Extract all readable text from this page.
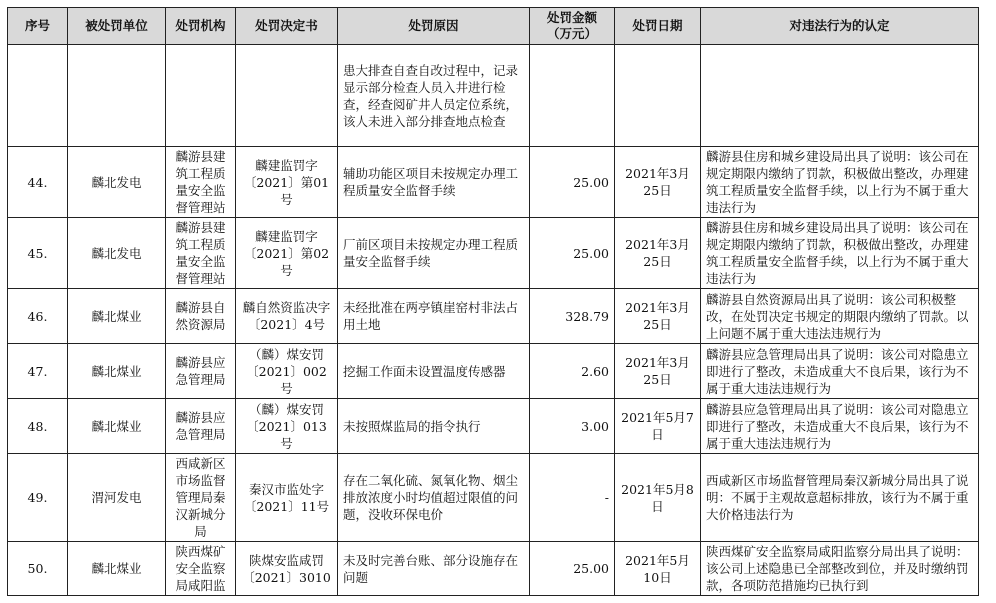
序号	被处罚单位	处罚机构	处罚决定书	处罚原因	处罚金额（万元）	处罚日期	对违法行为的认定
				患大排查自查自改过程中，记录显示部分检查人员入井进行检查，经查阅矿井人员定位系统，该人未进入部分排查地点检查			
44.	麟北发电	麟游县建筑工程质量安全监督管理站	麟建监罚字〔2021〕第01号	辅助功能区项目未按规定办理工程质量安全监督手续	25.00	2021年3月25日	麟游县住房和城乡建设局出具了说明：该公司在规定期限内缴纳了罚款，积极做出整改，办理建筑工程质量安全监督手续，以上行为不属于重大违法行为
45.	麟北发电	麟游县建筑工程质量安全监督管理站	麟建监罚字〔2021〕第02号	厂前区项目未按规定办理工程质量安全监督手续	25.00	2021年3月25日	麟游县住房和城乡建设局出具了说明：该公司在规定期限内缴纳了罚款，积极做出整改，办理建筑工程质量安全监督手续，以上行为不属于重大违法行为
46.	麟北煤业	麟游县自然资源局	麟自然资监决字〔2021〕4号	未经批准在两亭镇崖窑村非法占用土地	328.79	2021年3月25日	麟游县自然资源局出具了说明：该公司积极整改，在处罚决定书规定的期限内缴纳了罚款。以上问题不属于重大违法违规行为
47.	麟北煤业	麟游县应急管理局	（麟）煤安罚〔2021〕002号	挖掘工作面未设置温度传感器	2.60	2021年3月25日	麟游县应急管理局出具了说明：该公司对隐患立即进行了整改，未造成重大不良后果，该行为不属于重大违法违规行为
48.	麟北煤业	麟游县应急管理局	（麟）煤安罚〔2021〕013号	未按照煤监局的指令执行	3.00	2021年5月7日	麟游县应急管理局出具了说明：该公司对隐患立即进行了整改，未造成重大不良后果，该行为不属于重大违法违规行为
49.	渭河发电	西咸新区市场监督管理局秦汉新城分局	秦汉市监处字〔2021〕11号	存在二氧化硫、氮氧化物、烟尘排放浓度小时均值超过限值的问题，没收环保电价	-	2021年5月8日	西咸新区市场监督管理局秦汉新城分局出具了说明：不属于主观故意超标排放，该行为不属于重大价格违法行为
50.	麟北煤业	陕西煤矿安全监察局咸阳监	陕煤安监咸罚〔2021〕3010	未及时完善台账、部分设施存在问题	25.00	2021年5月10日	陕西煤矿安全监察局咸阳监察分局出具了说明：该公司上述隐患已全部整改到位，并及时缴纳罚款，各项防范措施均已执行到
